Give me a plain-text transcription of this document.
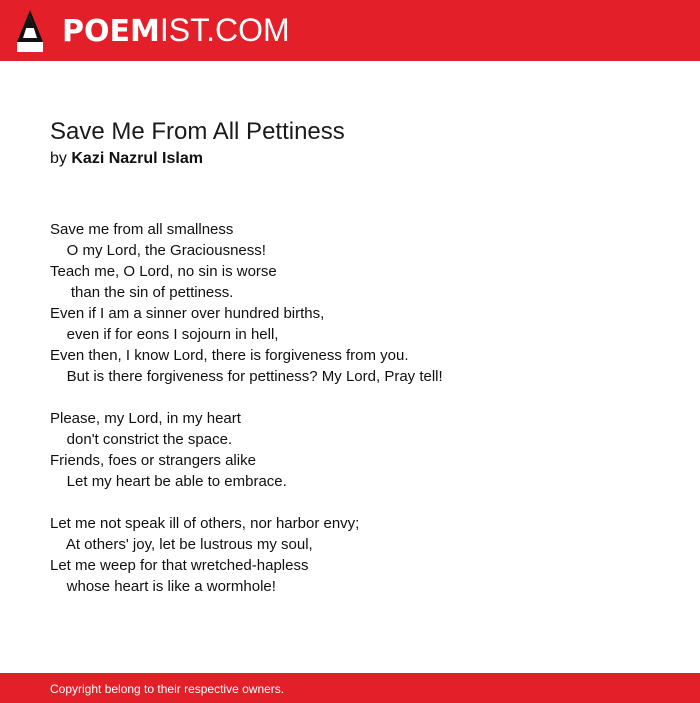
POEMIST.COM
Save Me From All Pettiness
by Kazi Nazrul Islam
Save me from all smallness
O my Lord, the Graciousness!
Teach me, O Lord, no sin is worse
than the sin of pettiness.
Even if I am a sinner over hundred births,
even if for eons I sojourn in hell,
Even then, I know Lord, there is forgiveness from you.
But is there forgiveness for pettiness? My Lord, Pray tell!
Please, my Lord, in my heart
don't constrict the space.
Friends, foes or strangers alike
Let my heart be able to embrace.
Let me not speak ill of others, nor harbor envy;
At others' joy, let be lustrous my soul,
Let me weep for that wretched-hapless
whose heart is like a wormhole!
Copyright belong to their respective owners.
